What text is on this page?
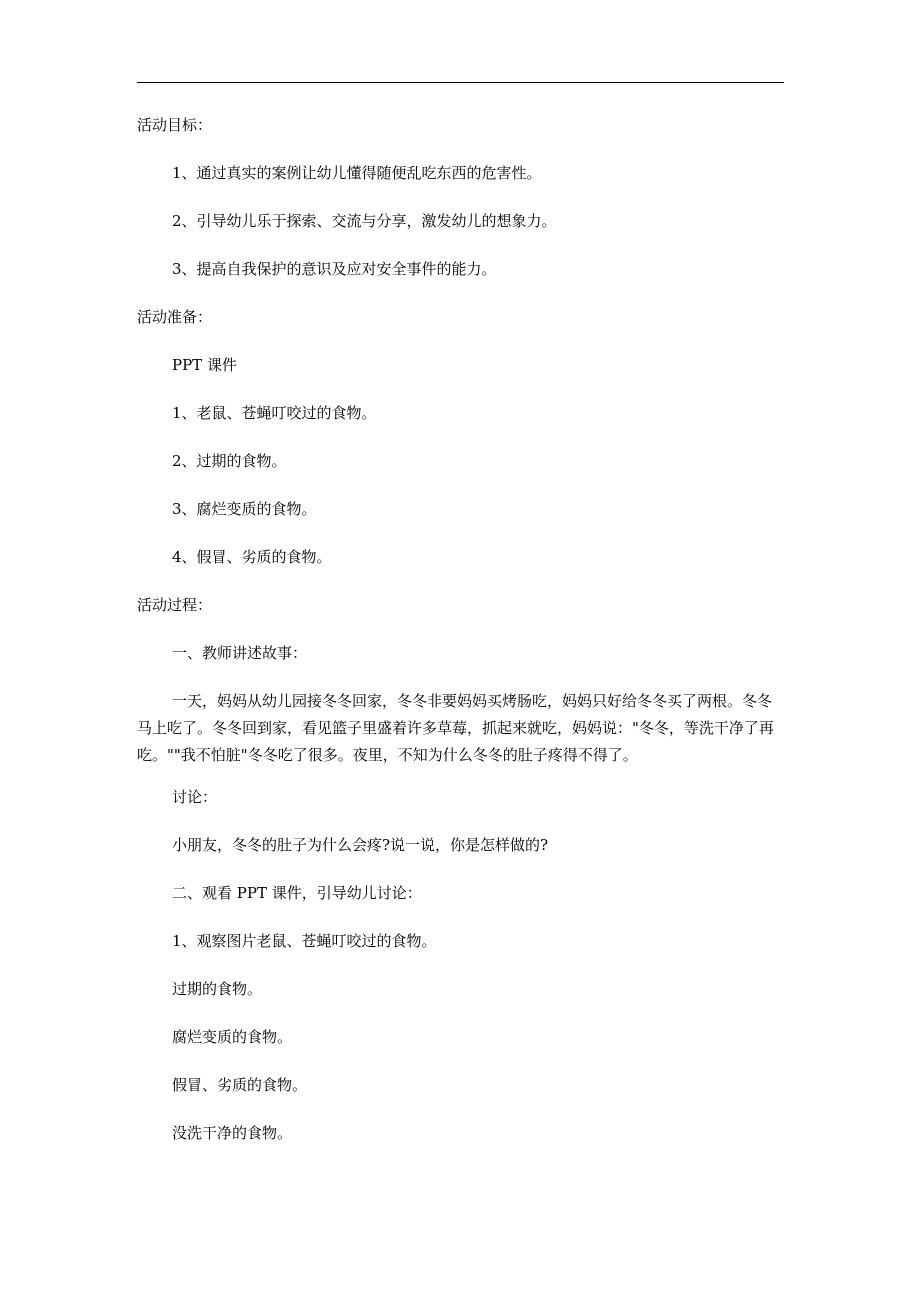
活动目标：

1、通过真实的案例让幼儿懂得随便乱吃东西的危害性。

2、引导幼儿乐于探索、交流与分享，激发幼儿的想象力。

3、提高自我保护的意识及应对安全事件的能力。

活动准备：

PPT 课件

1、老鼠、苍蝇叮咬过的食物。

2、过期的食物。

3、腐烂变质的食物。

4、假冒、劣质的食物。

活动过程：

一、教师讲述故事：

一天，妈妈从幼儿园接冬冬回家，冬冬非要妈妈买烤肠吃，妈妈只好给冬冬买了两根。冬冬马上吃了。冬冬回到家，看见篮子里盛着许多草莓，抓起来就吃，妈妈说："冬冬，等洗干净了再吃。""我不怕脏"冬冬吃了很多。夜里，不知为什么冬冬的肚子疼得不得了。

讨论：

小朋友，冬冬的肚子为什么会疼?说一说，你是怎样做的?

二、观看 PPT 课件，引导幼儿讨论：

1、观察图片老鼠、苍蝇叮咬过的食物。

过期的食物。

腐烂变质的食物。

假冒、劣质的食物。

没洗干净的食物。
